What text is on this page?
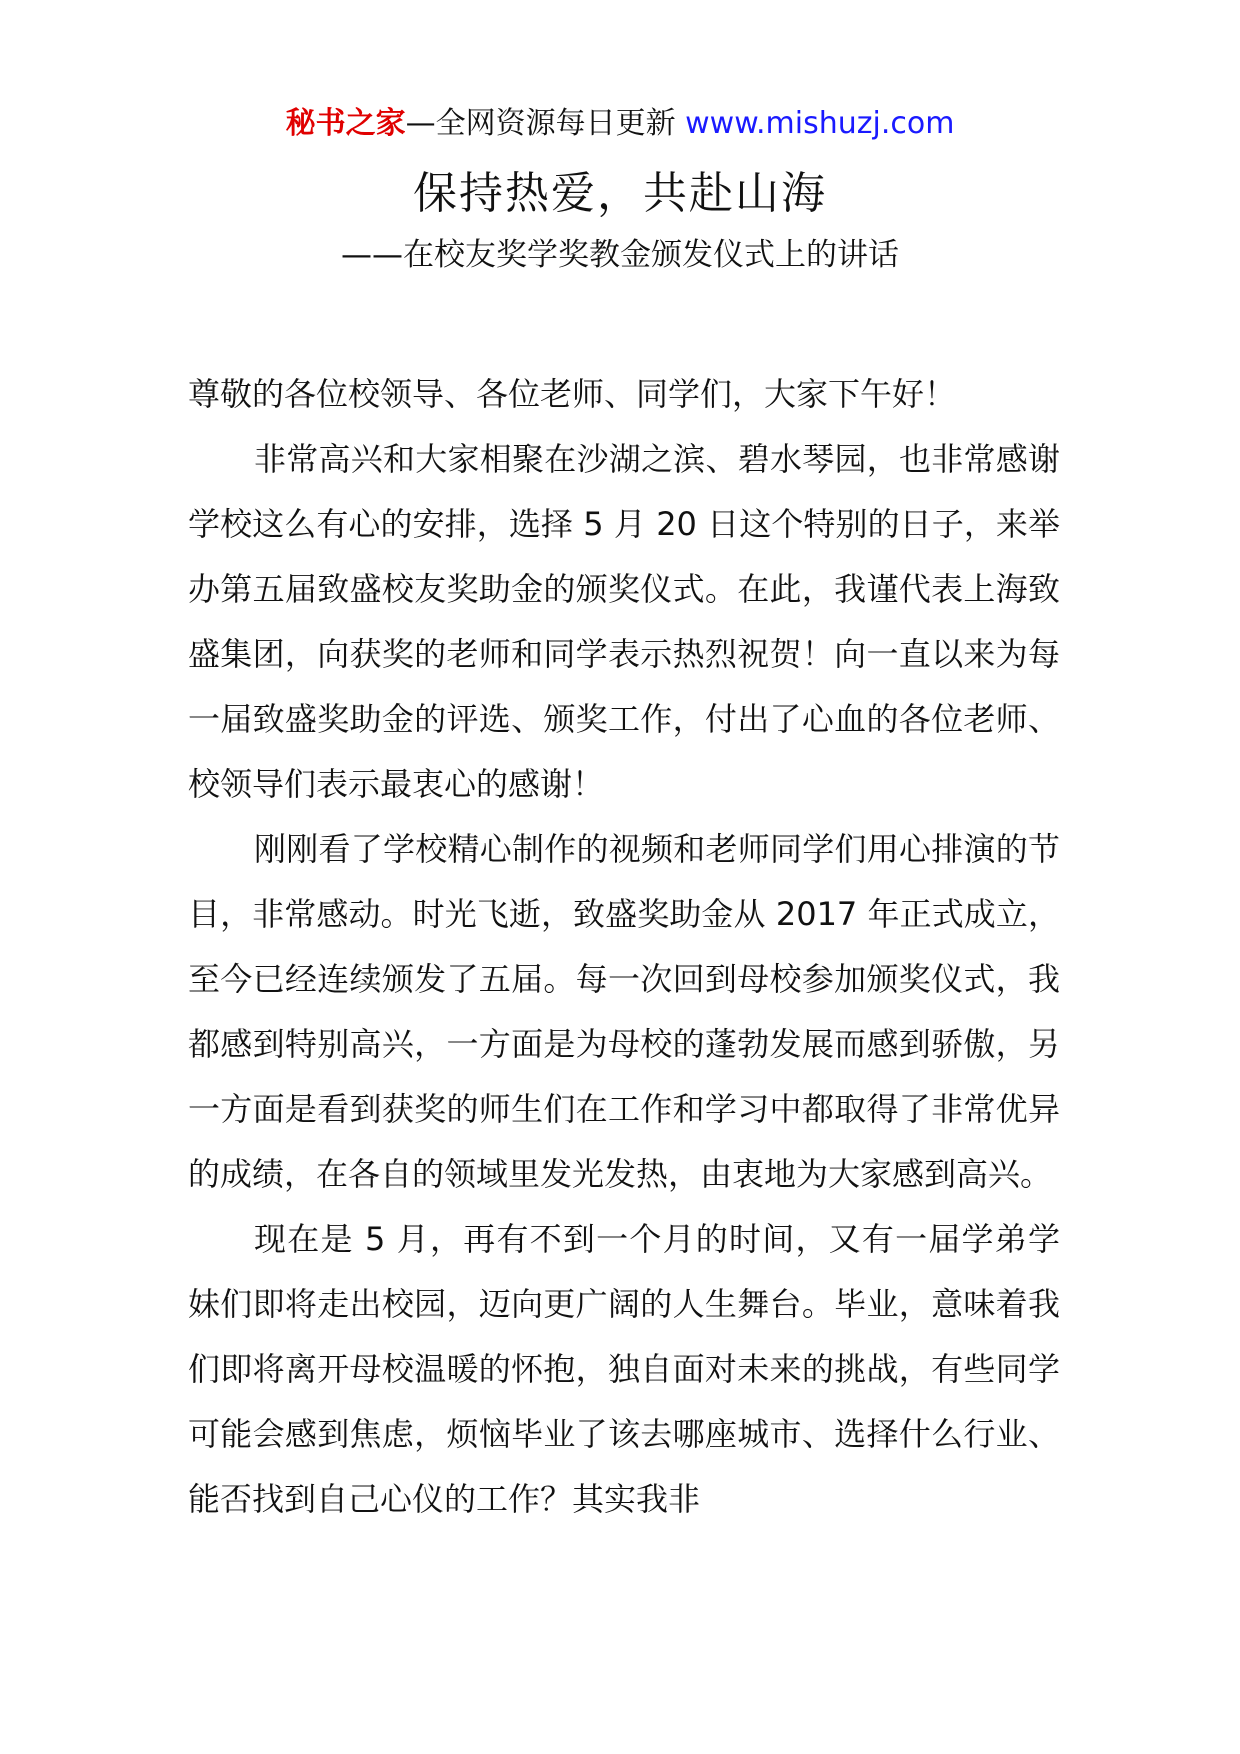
秘书之家—全网资源每日更新 www.mishuzj.com
保持热爱，共赴山海
——在校友奖学奖教金颁发仪式上的讲话

尊敬的各位校领导、各位老师、同学们，大家下午好！

非常高兴和大家相聚在沙湖之滨、碧水琴园，也非常感谢学校这么有心的安排，选择 5 月 20 日这个特别的日子，来举办第五届致盛校友奖助金的颁奖仪式。在此，我谨代表上海致盛集团，向获奖的老师和同学表示热烈祝贺！向一直以来为每一届致盛奖助金的评选、颁奖工作，付出了心血的各位老师、校领导们表示最衷心的感谢！

刚刚看了学校精心制作的视频和老师同学们用心排演的节目，非常感动。时光飞逝，致盛奖助金从 2017 年正式成立，至今已经连续颁发了五届。每一次回到母校参加颁奖仪式，我都感到特别高兴，一方面是为母校的蓬勃发展而感到骄傲，另一方面是看到获奖的师生们在工作和学习中都取得了非常优异的成绩，在各自的领域里发光发热，由衷地为大家感到高兴。

现在是 5 月，再有不到一个月的时间，又有一届学弟学妹们即将走出校园，迈向更广阔的人生舞台。毕业，意味着我们即将离开母校温暖的怀抱，独自面对未来的挑战，有些同学可能会感到焦虑，烦恼毕业了该去哪座城市、选择什么行业、能否找到自己心仪的工作？其实我非
